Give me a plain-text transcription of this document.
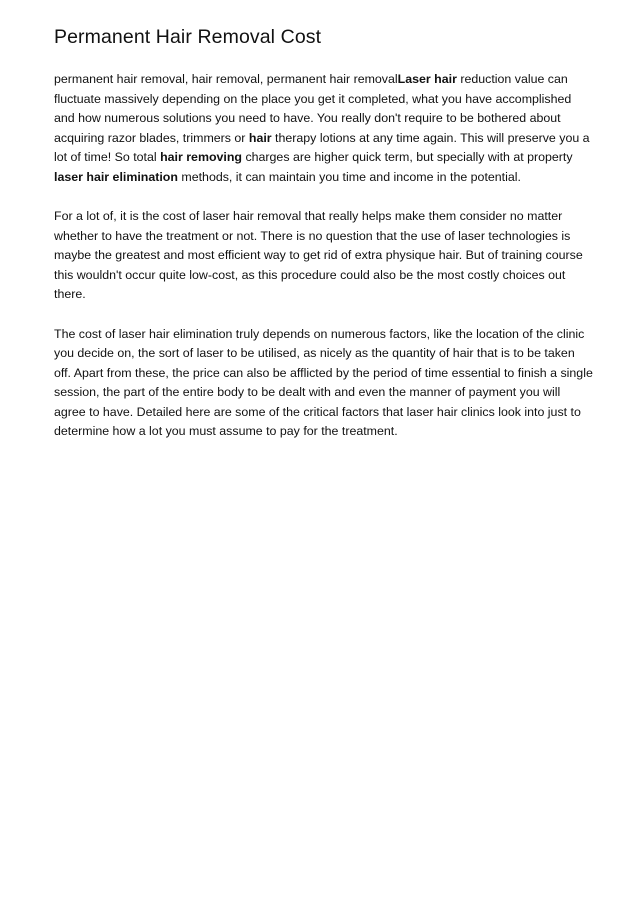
Permanent Hair Removal Cost

permanent hair removal, hair removal, permanent hair removalLaser hair reduction value can fluctuate massively depending on the place you get it completed, what you have accomplished and how numerous solutions you need to have. You really don't require to be bothered about acquiring razor blades, trimmers or hair therapy lotions at any time again. This will preserve you a lot of time! So total hair removing charges are higher quick term, but specially with at property laser hair elimination methods, it can maintain you time and income in the potential.

For a lot of, it is the cost of laser hair removal that really helps make them consider no matter whether to have the treatment or not. There is no question that the use of laser technologies is maybe the greatest and most efficient way to get rid of extra physique hair. But of training course this wouldn't occur quite low-cost, as this procedure could also be the most costly choices out there.

The cost of laser hair elimination truly depends on numerous factors, like the location of the clinic you decide on, the sort of laser to be utilised, as nicely as the quantity of hair that is to be taken off. Apart from these, the price can also be afflicted by the period of time essential to finish a single session, the part of the entire body to be dealt with and even the manner of payment you will agree to have. Detailed here are some of the critical factors that laser hair clinics look into just to determine how a lot you must assume to pay for the treatment.
